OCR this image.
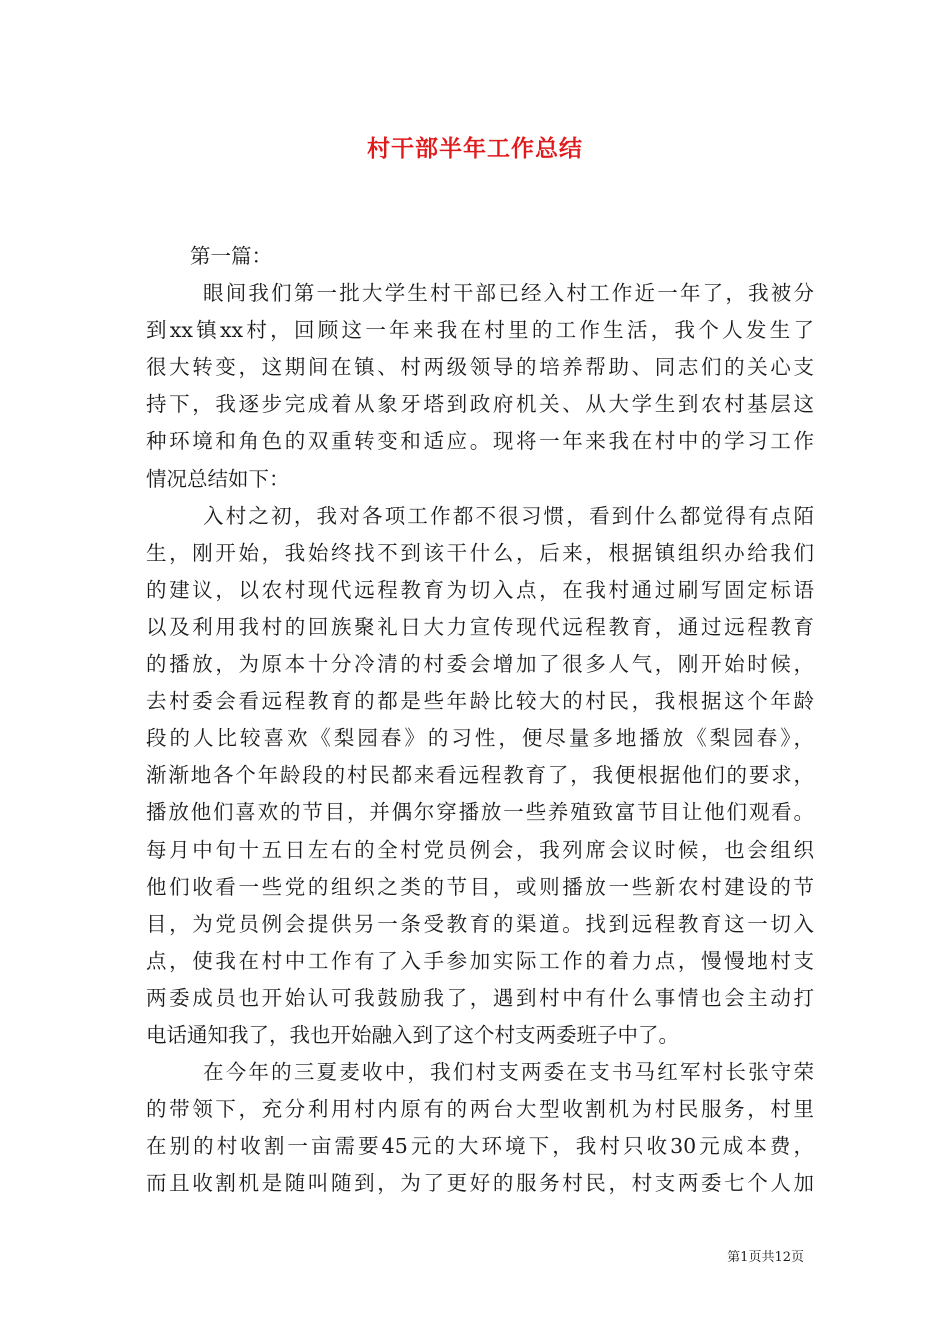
村干部半年工作总结
第一篇：
眼间我们第一批大学生村干部已经入村工作近一年了，我被分
到xx镇xx村，回顾这一年来我在村里的工作生活，我个人发生了
很大转变，这期间在镇、村两级领导的培养帮助、同志们的关心支
持下，我逐步完成着从象牙塔到政府机关、从大学生到农村基层这
种环境和角色的双重转变和适应。现将一年来我在村中的学习工作
情况总结如下：
入村之初，我对各项工作都不很习惯，看到什么都觉得有点陌
生，刚开始，我始终找不到该干什么，后来，根据镇组织办给我们
的建议，以农村现代远程教育为切入点，在我村通过刷写固定标语
以及利用我村的回族聚礼日大力宣传现代远程教育，通过远程教育
的播放，为原本十分冷清的村委会增加了很多人气，刚开始时候，
去村委会看远程教育的都是些年龄比较大的村民，我根据这个年龄
段的人比较喜欢《梨园春》的习性，便尽量多地播放《梨园春》，
渐渐地各个年龄段的村民都来看远程教育了，我便根据他们的要求，
播放他们喜欢的节目，并偶尔穿播放一些养殖致富节目让他们观看。
每月中旬十五日左右的全村党员例会，我列席会议时候，也会组织
他们收看一些党的组织之类的节目，或则播放一些新农村建设的节
目，为党员例会提供另一条受教育的渠道。找到远程教育这一切入
点，使我在村中工作有了入手参加实际工作的着力点，慢慢地村支
两委成员也开始认可我鼓励我了，遇到村中有什么事情也会主动打
电话通知我了，我也开始融入到了这个村支两委班子中了。
在今年的三夏麦收中，我们村支两委在支书马红军村长张守荣
的带领下，充分利用村内原有的两台大型收割机为村民服务，村里
在别的村收割一亩需要45元的大环境下，我村只收30元成本费，
而且收割机是随叫随到，为了更好的服务村民，村支两委七个人加
第1页共12页
